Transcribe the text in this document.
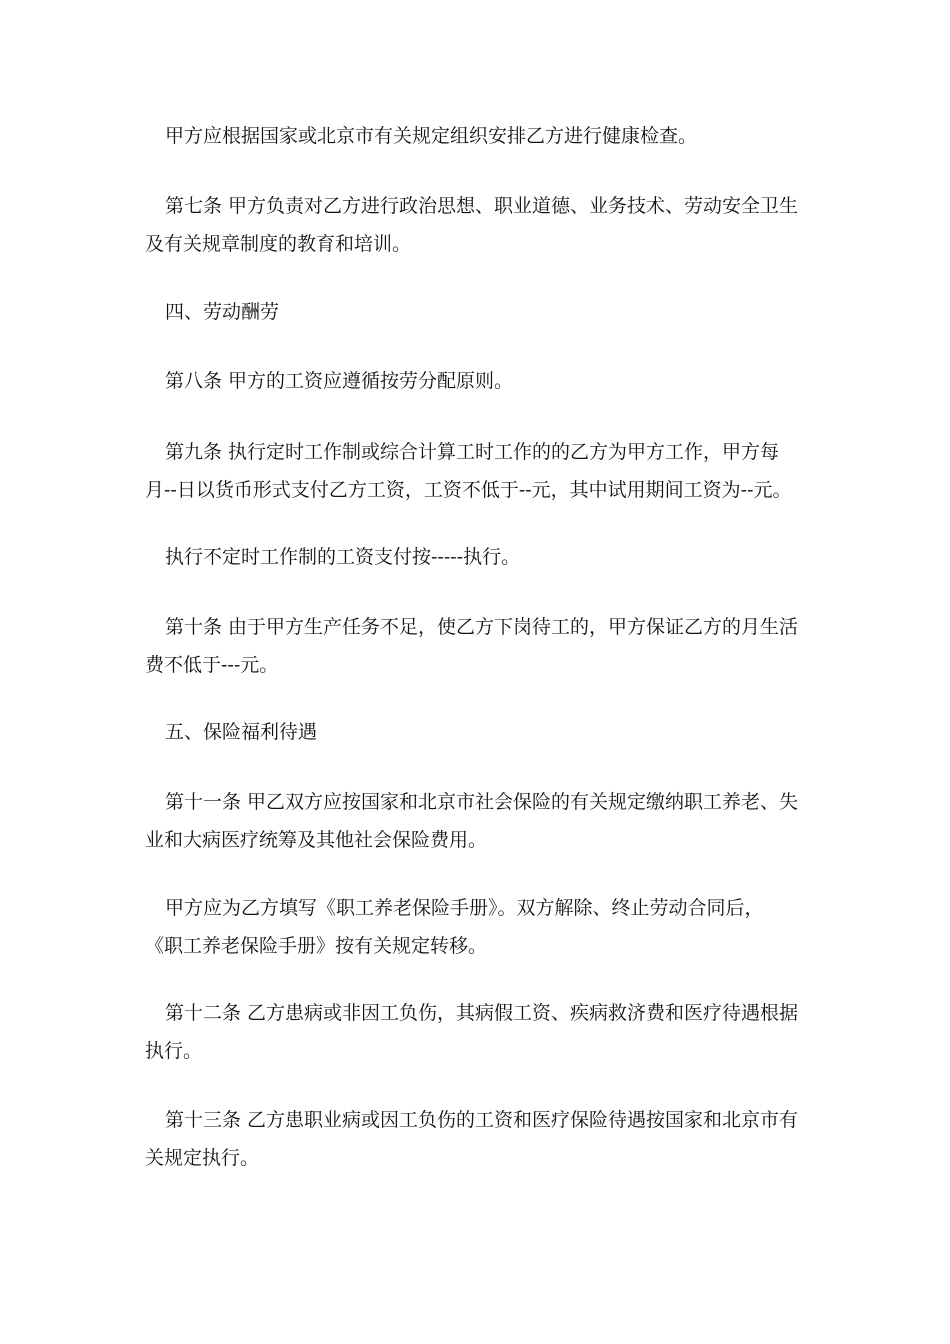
甲方应根据国家或北京市有关规定组织安排乙方进行健康检查。
第七条 甲方负责对乙方进行政治思想、职业道德、业务技术、劳动安全卫生
及有关规章制度的教育和培训。
四、劳动酬劳
第八条 甲方的工资应遵循按劳分配原则。
第九条 执行定时工作制或综合计算工时工作的的乙方为甲方工作，甲方每
月--日以货币形式支付乙方工资，工资不低于--元，其中试用期间工资为--元。
执行不定时工作制的工资支付按-----执行。
第十条 由于甲方生产任务不足，使乙方下岗待工的，甲方保证乙方的月生活
费不低于---元。
五、保险福利待遇
第十一条 甲乙双方应按国家和北京市社会保险的有关规定缴纳职工养老、失
业和大病医疗统筹及其他社会保险费用。
甲方应为乙方填写《职工养老保险手册》。双方解除、终止劳动合同后，
《职工养老保险手册》按有关规定转移。
第十二条 乙方患病或非因工负伤，其病假工资、疾病救济费和医疗待遇根据
执行。
第十三条 乙方患职业病或因工负伤的工资和医疗保险待遇按国家和北京市有
关规定执行。
